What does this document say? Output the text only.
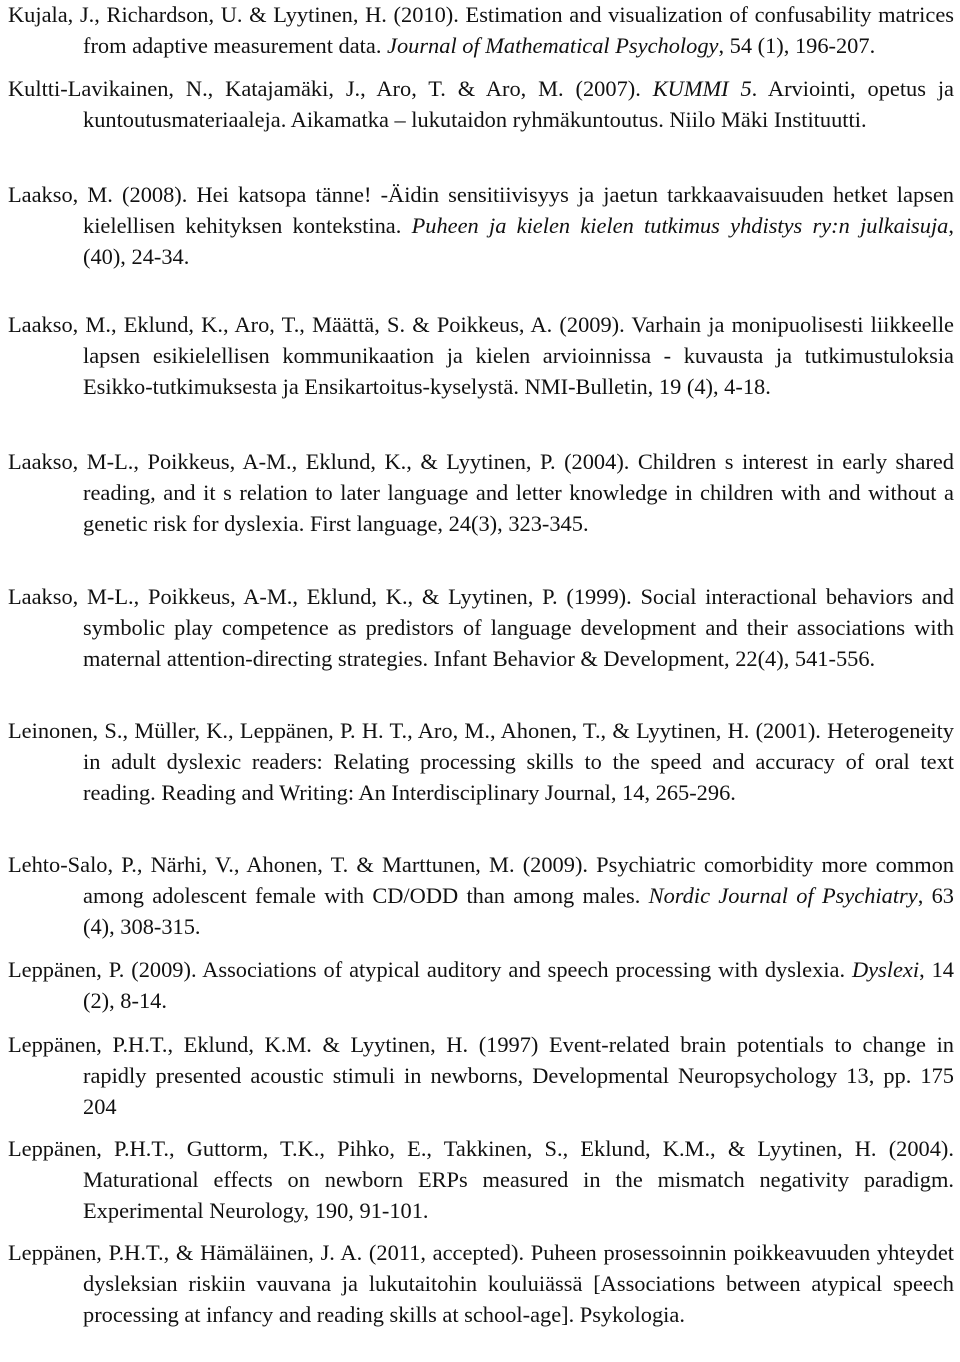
Kujala, J., Richardson, U. & Lyytinen, H. (2010). Estimation and visualization of confusability matrices from adaptive measurement data. Journal of Mathematical Psychology, 54 (1), 196-207.

Kultti-Lavikainen, N., Katajamäki, J., Aro, T. & Aro, M. (2007). KUMMI 5. Arviointi, opetus ja kuntoutusmateriaaleja. Aikamatka – lukutaidon ryhmäkuntoutus. Niilo Mäki Instituutti.

Laakso, M. (2008). Hei katsopa tänne! -Äidin sensitiivisyys ja jaetun tarkkaavaisuuden hetket lapsen kielellisen kehityksen kontekstina. Puheen ja kielen kielen tutkimus yhdistys ry:n julkaisuja, (40), 24-34.

Laakso, M., Eklund, K., Aro, T., Määttä, S. & Poikkeus, A. (2009). Varhain ja monipuolisesti liikkeelle lapsen esikielellisen kommunikaation ja kielen arvioinnissa - kuvausta ja tutkimustuloksia Esikko-tutkimuksesta ja Ensikartoitus-kyselystä. NMI-Bulletin, 19 (4), 4-18.

Laakso, M-L., Poikkeus, A-M., Eklund, K., & Lyytinen, P. (2004). Children s interest in early shared reading, and it s relation to later language and letter knowledge in children with and without a genetic risk for dyslexia. First language, 24(3), 323-345.

Laakso, M-L., Poikkeus, A-M., Eklund, K., & Lyytinen, P. (1999). Social interactional behaviors and symbolic play competence as predistors of language development and their associations with maternal attention-directing strategies. Infant Behavior & Development, 22(4), 541-556.

Leinonen, S., Müller, K., Leppänen, P. H. T., Aro, M., Ahonen, T., & Lyytinen, H. (2001). Heterogeneity in adult dyslexic readers: Relating processing skills to the speed and accuracy of oral text reading. Reading and Writing: An Interdisciplinary Journal, 14, 265-296.

Lehto-Salo, P., Närhi, V., Ahonen, T. & Marttunen, M. (2009). Psychiatric comorbidity more common among adolescent female with CD/ODD than among males. Nordic Journal of Psychiatry, 63 (4), 308-315.

Leppänen, P. (2009). Associations of atypical auditory and speech processing with dyslexia. Dyslexi, 14 (2), 8-14.

Leppänen, P.H.T., Eklund, K.M. & Lyytinen, H. (1997) Event-related brain potentials to change in rapidly presented acoustic stimuli in newborns, Developmental Neuropsychology 13, pp. 175 204

Leppänen, P.H.T., Guttorm, T.K., Pihko, E., Takkinen, S., Eklund, K.M., & Lyytinen, H. (2004). Maturational effects on newborn ERPs measured in the mismatch negativity paradigm. Experimental Neurology, 190, 91-101.

Leppänen, P.H.T., & Hämäläinen, J. A. (2011, accepted). Puheen prosessoinnin poikkeavuuden yhteydet dysleksian riskiin vauvana ja lukutaitohin kouluiässä [Associations between atypical speech processing at infancy and reading skills at school-age]. Psykologia.
